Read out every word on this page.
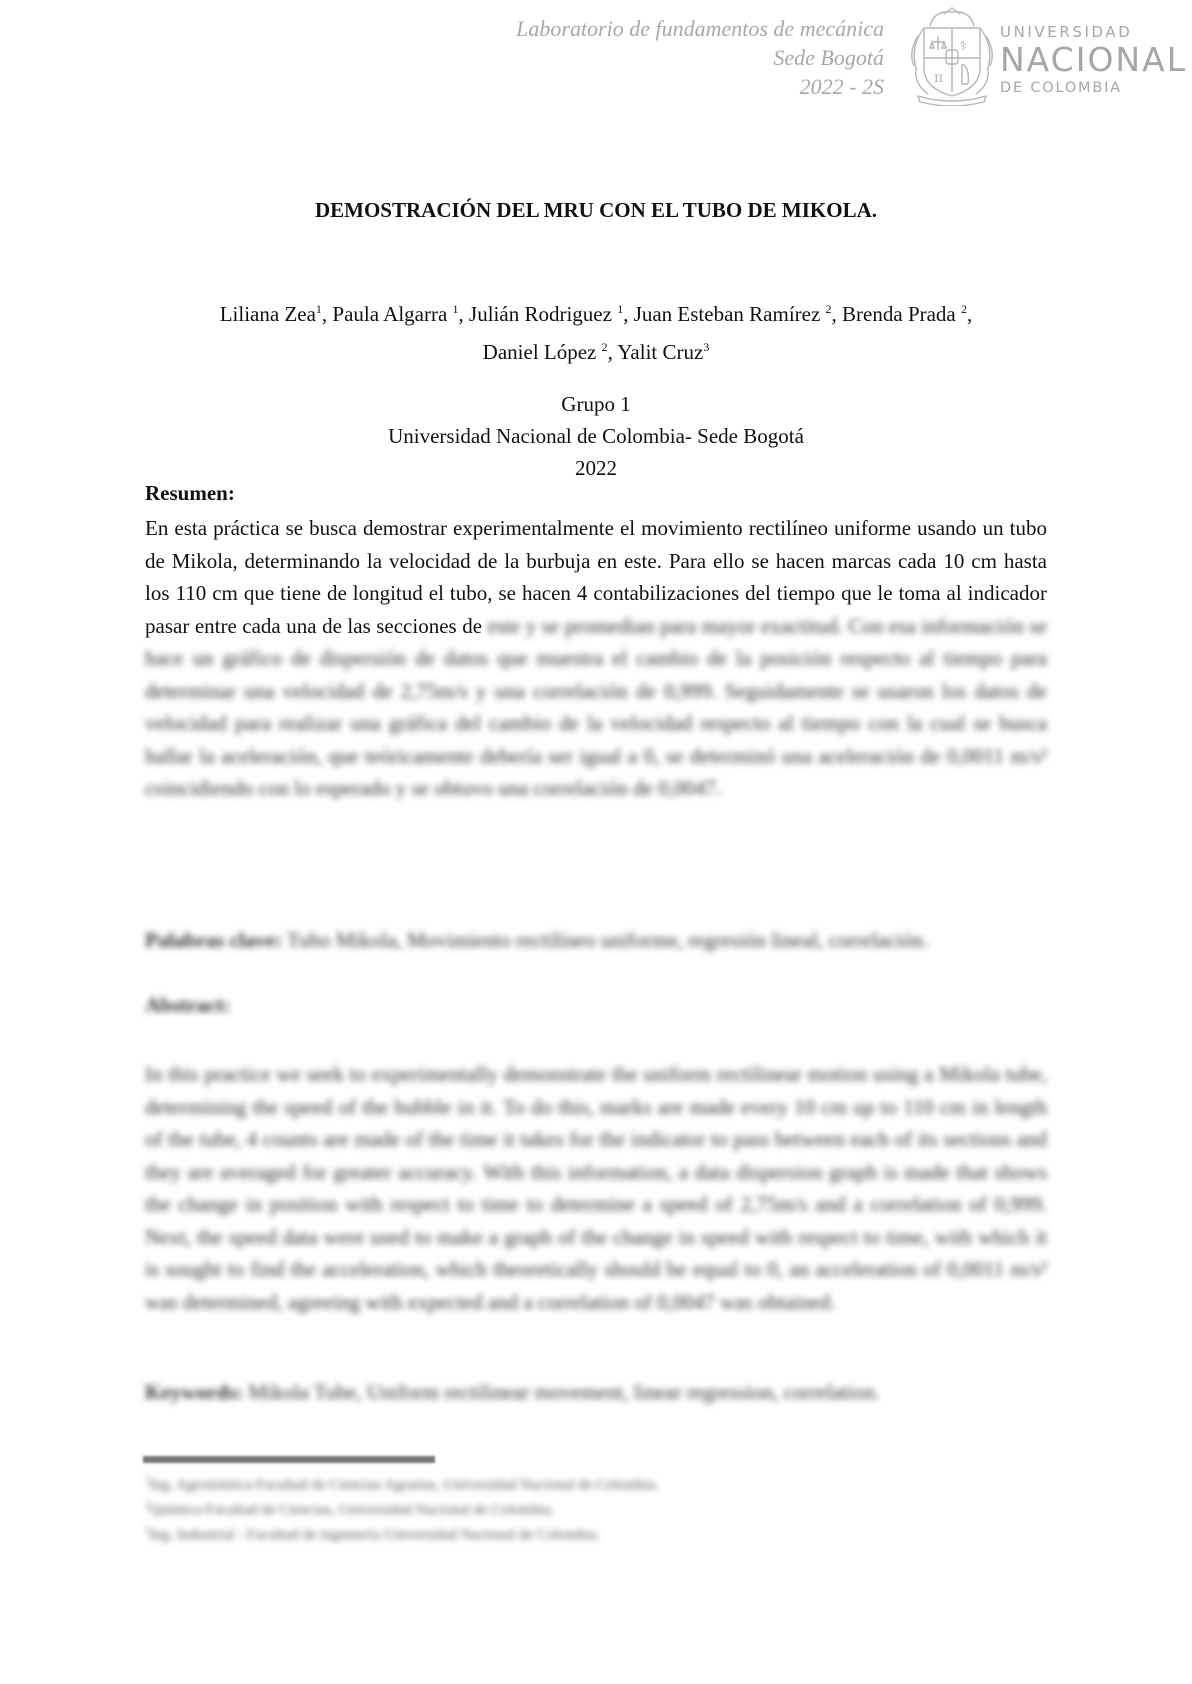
Laboratorio de fundamentos de mecánica
Sede Bogotá
2022 - 2S	π
⚕
UNIVERSIDAD
NACIONAL
DE COLOMBIA
DEMOSTRACIÓN DEL MRU CON EL TUBO DE MIKOLA.
Liliana Zea$^1$, Paula Algarra $^1$, Julián Rodriguez $^1$, Juan Esteban Ramírez $^2$, Brenda Prada $^2$,
Daniel López $^2$, Yalit Cruz$^3$
Grupo 1
Universidad Nacional de Colombia- Sede Bogotá
2022
Resumen:
En esta práctica se busca demostrar experimentalmente el movimiento rectilíneo uniforme usando un tubo de Mikola, determinando la velocidad de la burbuja en este. Para ello se hacen marcas cada 10 cm hasta los 110 cm que tiene de longitud el tubo, se hacen 4 contabilizaciones del tiempo que le toma al indicador pasar entre cada una de las secciones de este y se promedian para mayor exactitud. Con esa información se hace un gráfico de dispersión de datos que muestra el cambio de la posición respecto al tiempo para determinar una velocidad de 2,75m/s y una correlación de 0,999. Seguidamente se usaron los datos de velocidad para realizar una gráfica del cambio de la velocidad respecto al tiempo con la cual se busca hallar la aceleración, que teóricamente debería ser igual a 0, se determinó una aceleración de 0,0011 m/s² coincidiendo con lo esperado y se obtuvo una correlación de 0,0047.
Palabras clave: Tubo Mikola, Movimiento rectilíneo uniforme, regresión lineal, correlación.
Abstract:
In this practice we seek to experimentally demonstrate the uniform rectilinear motion using a Mikola tube, determining the speed of the bubble in it. To do this, marks are made every 10 cm up to 110 cm in length of the tube, 4 counts are made of the time it takes for the indicator to pass between each of its sections and they are averaged for greater accuracy. With this information, a data dispersion graph is made that shows the change in position with respect to time to determine a speed of 2,75m/s and a correlation of 0,999. Next, the speed data were used to make a graph of the change in speed with respect to time, with which it is sought to find the acceleration, which theoretically should be equal to 0, an acceleration of 0,0011 m/s² was determined, agreeing with expected and a correlation of 0,0047 was obtained.
Keywords: Mikola Tube, Uniform rectilinear movement, linear regression, correlation.
$^1$Ing. Agronómica-Facultad de Ciencias Agrarias, Universidad Nacional de Colombia.
$^2$Química-Facultad de Ciencias, Universidad Nacional de Colombia.
$^3$Ing. Industrial - Facultad de ingeniería Universidad Nacional de Colombia.
